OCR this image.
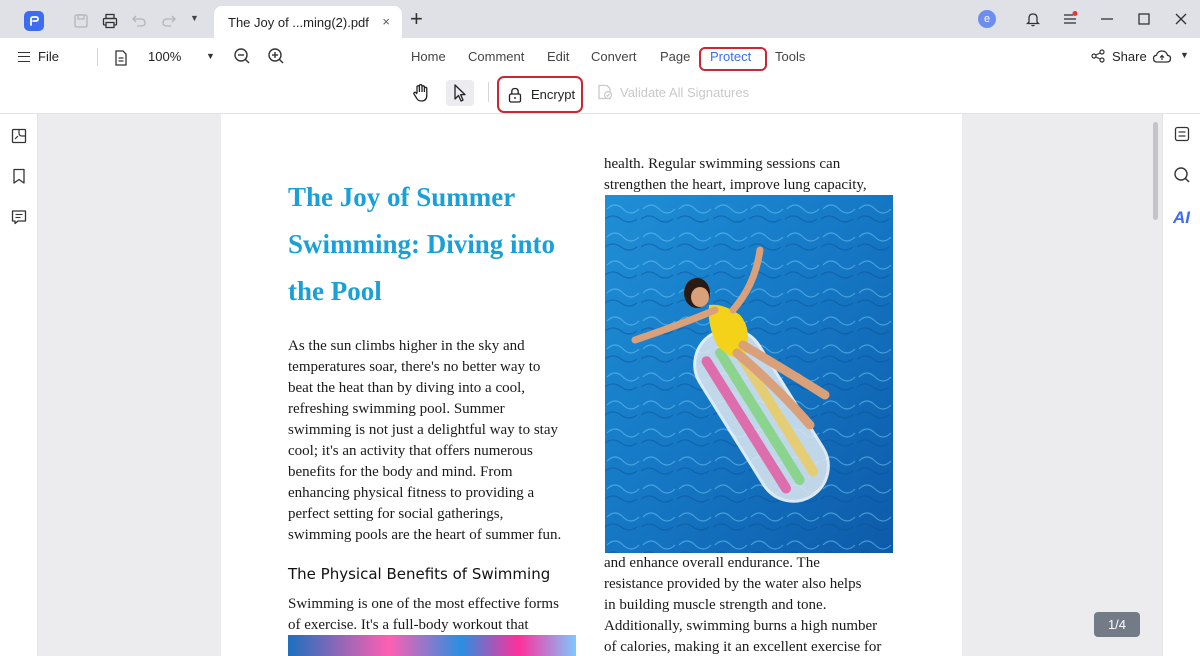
▼ The Joy of ...ming(2).pdf × +	e
File	100%	▼	Home Comment Edit Convert Page Protect Tools	Share	▼
Encrypt	Validate All Signatures
The Joy of Summer
Swimming: Diving into
the Pool
As the sun climbs higher in the sky and
temperatures soar, there's no better way to
beat the heat than by diving into a cool,
refreshing swimming pool. Summer
swimming is not just a delightful way to stay
cool; it's an activity that offers numerous
benefits for the body and mind. From
enhancing physical fitness to providing a
perfect setting for social gatherings,
swimming pools are the heart of summer fun.
The Physical Benefits of Swimming
Swimming is one of the most effective forms
of exercise. It's a full-body workout that
health. Regular swimming sessions can
strengthen the heart, improve lung capacity,
and enhance overall endurance. The
resistance provided by the water also helps
in building muscle strength and tone.
Additionally, swimming burns a high number
of calories, making it an excellent exercise for
AI
1/4
